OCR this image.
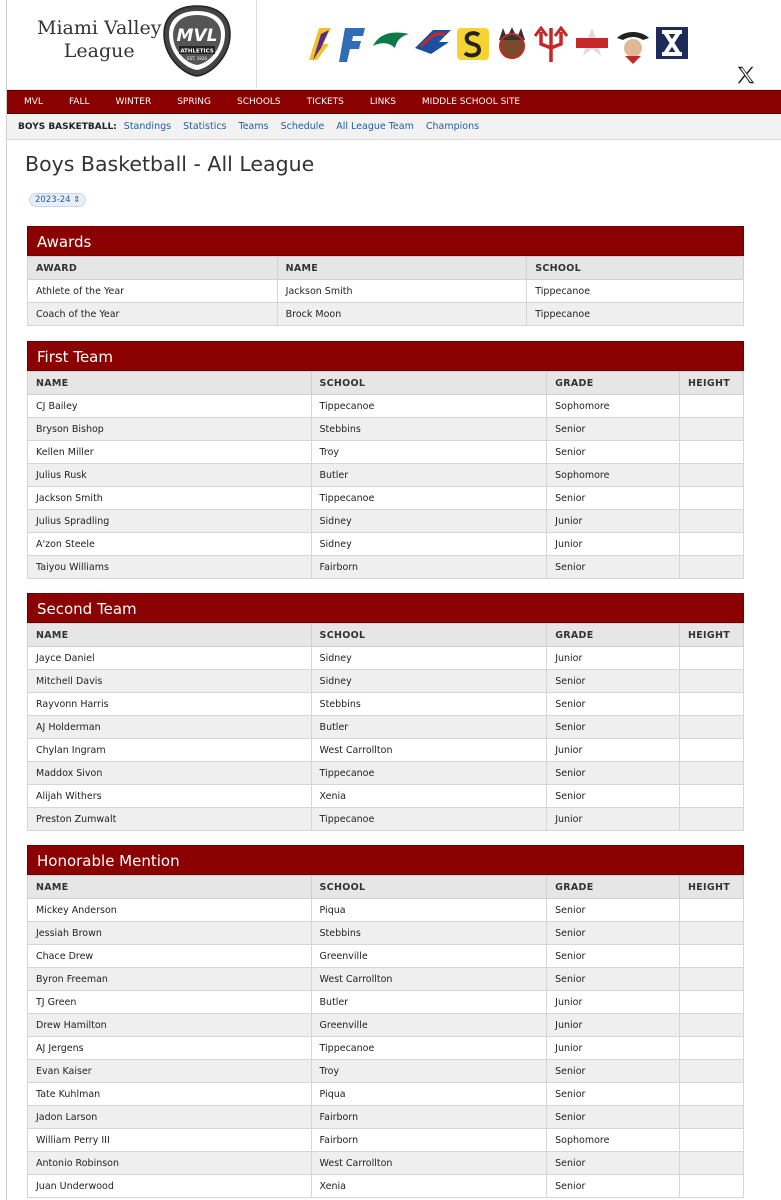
Miami Valley
League
MVL
ATHLETICS
EST. 1926
MVL	FALL	WINTER	SPRING	SCHOOLS	TICKETS	LINKS	MIDDLE SCHOOL SITE
BOYS BASKETBALL: Standings Statistics Teams Schedule All League Team Champions
Boys Basketball - All League
2023-24 ⇕
Awards
AWARD	NAME	SCHOOL
Athlete of the Year	Jackson Smith	Tippecanoe
Coach of the Year	Brock Moon	Tippecanoe
First Team
NAME	SCHOOL	GRADE	HEIGHT
CJ Bailey	Tippecanoe	Sophomore	
Bryson Bishop	Stebbins	Senior	
Kellen Miller	Troy	Senior	
Julius Rusk	Butler	Sophomore	
Jackson Smith	Tippecanoe	Senior	
Julius Spradling	Sidney	Junior	
A'zon Steele	Sidney	Junior	
Taiyou Williams	Fairborn	Senior	
Second Team
NAME	SCHOOL	GRADE	HEIGHT
Jayce Daniel	Sidney	Junior	
Mitchell Davis	Sidney	Senior	
Rayvonn Harris	Stebbins	Senior	
AJ Holderman	Butler	Senior	
Chylan Ingram	West Carrollton	Junior	
Maddox Sivon	Tippecanoe	Senior	
Alijah Withers	Xenia	Senior	
Preston Zumwalt	Tippecanoe	Junior	
Honorable Mention
NAME	SCHOOL	GRADE	HEIGHT
Mickey Anderson	Piqua	Senior	
Jessiah Brown	Stebbins	Senior	
Chace Drew	Greenville	Senior	
Byron Freeman	West Carrollton	Senior	
TJ Green	Butler	Junior	
Drew Hamilton	Greenville	Junior	
AJ Jergens	Tippecanoe	Junior	
Evan Kaiser	Troy	Senior	
Tate Kuhlman	Piqua	Senior	
Jadon Larson	Fairborn	Senior	
William Perry III	Fairborn	Sophomore	
Antonio Robinson	West Carrollton	Senior	
Juan Underwood	Xenia	Senior	
